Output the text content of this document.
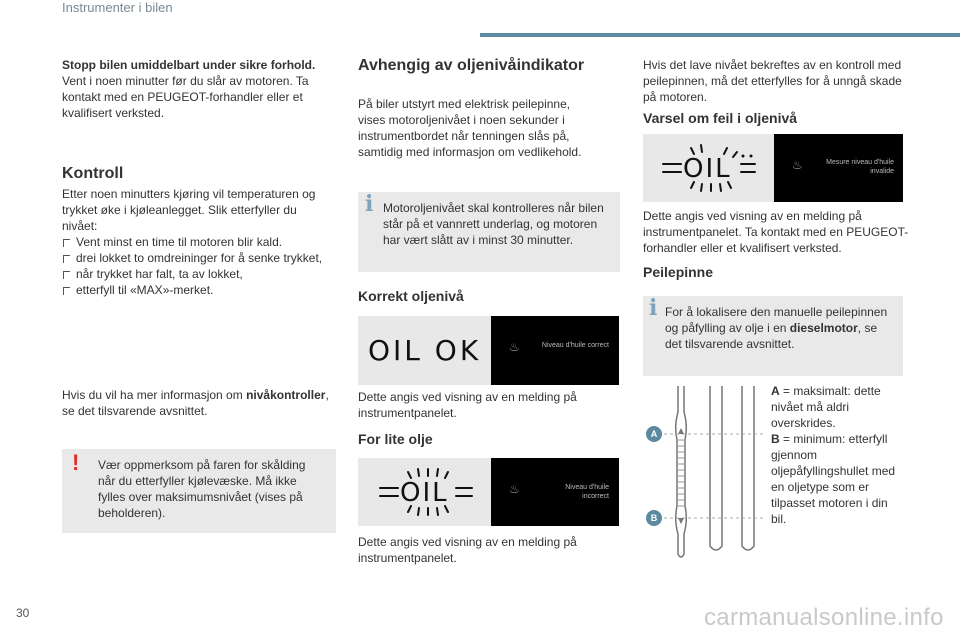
Instrumenter i bilen

Stopp bilen umiddelbart under sikre forhold.

Vent i noen minutter før du slår av motoren. Ta kontakt med en PEUGEOT-forhandler eller et kvalifisert verksted.

Kontroll

Etter noen minutters kjøring vil temperaturen og trykket øke i kjøleanlegget. Slik etterfyller du nivået:

Vent minst en time til motoren blir kald.
drei lokket to omdreininger for å senke trykket,
når trykket har falt, ta av lokket,
etterfyll til «MAX»-merket.
Hvis du vil ha mer informasjon om nivåkontroller, se det tilsvarende avsnittet.
! Vær oppmerksom på faren for skålding når du etterfyller kjølevæske. Må ikke fylles over maksimumsnivået (vises på beholderen).
Avhengig av oljenivåindikator
På biler utstyrt med elektrisk peilepinne, vises motoroljenivået i noen sekunder i instrumentbordet når tenningen slås på, samtidig med informasjon om vedlikehold.
i Motoroljenivået skal kontrolleres når bilen står på et vannrett underlag, og motoren har vært slått av i minst 30 minutter.
Korrekt oljenivå
OIL OK ♨	Niveau d'huile correct
Dette angis ved visning av en melding på instrumentpanelet.
For lite olje
OIL	♨	Niveau d'huile incorrect
Dette angis ved visning av en melding på instrumentpanelet.
Hvis det lave nivået bekreftes av en kontroll med peilepinnen, må det etterfylles for å unngå skade på motoren.
Varsel om feil i oljenivå
OIL	♨	Mesure niveau d'huile invalide
Dette angis ved visning av en melding på instrumentpanelet. Ta kontakt med en PEUGEOT-forhandler eller et kvalifisert verksted.
Peilepinne
i For å lokalisere den manuelle peilepinnen og påfylling av olje i en dieselmotor, se det tilsvarende avsnittet.
A
B

A = maksimalt: dette nivået må aldri overskrides.

B = minimum: etterfyll gjennom oljepåfyllingshullet med en oljetype som er tilpasset motoren i din bil.

30	carmanualsonline.info
